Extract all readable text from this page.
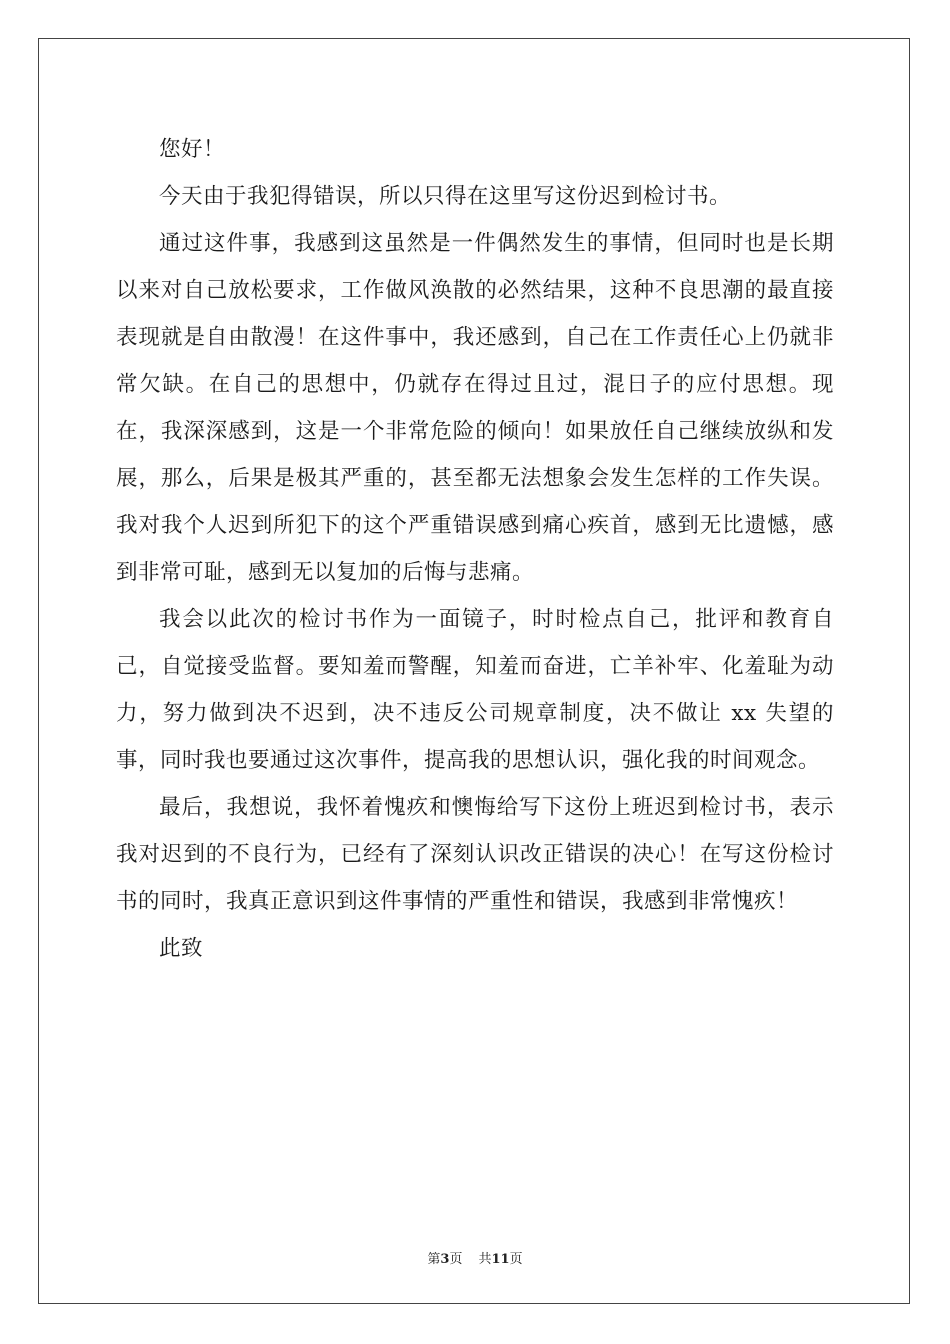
您好！

今天由于我犯得错误，所以只得在这里写这份迟到检讨书。

通过这件事，我感到这虽然是一件偶然发生的事情，但同时也是长期以来对自己放松要求，工作做风涣散的必然结果，这种不良思潮的最直接表现就是自由散漫！在这件事中，我还感到，自己在工作责任心上仍就非常欠缺。在自己的思想中，仍就存在得过且过，混日子的应付思想。现在，我深深感到，这是一个非常危险的倾向！如果放任自己继续放纵和发展，那么，后果是极其严重的，甚至都无法想象会发生怎样的工作失误。我对我个人迟到所犯下的这个严重错误感到痛心疾首，感到无比遗憾，感到非常可耻，感到无以复加的后悔与悲痛。

我会以此次的检讨书作为一面镜子，时时检点自己，批评和教育自己，自觉接受监督。要知羞而警醒，知羞而奋进，亡羊补牢、化羞耻为动力，努力做到决不迟到，决不违反公司规章制度，决不做让 xx 失望的事，同时我也要通过这次事件，提高我的思想认识，强化我的时间观念。

最后，我想说，我怀着愧疚和懊悔给写下这份上班迟到检讨书，表示我对迟到的不良行为，已经有了深刻认识改正错误的决心！在写这份检讨书的同时，我真正意识到这件事情的严重性和错误，我感到非常愧疚！

此致

第3页 共11页
